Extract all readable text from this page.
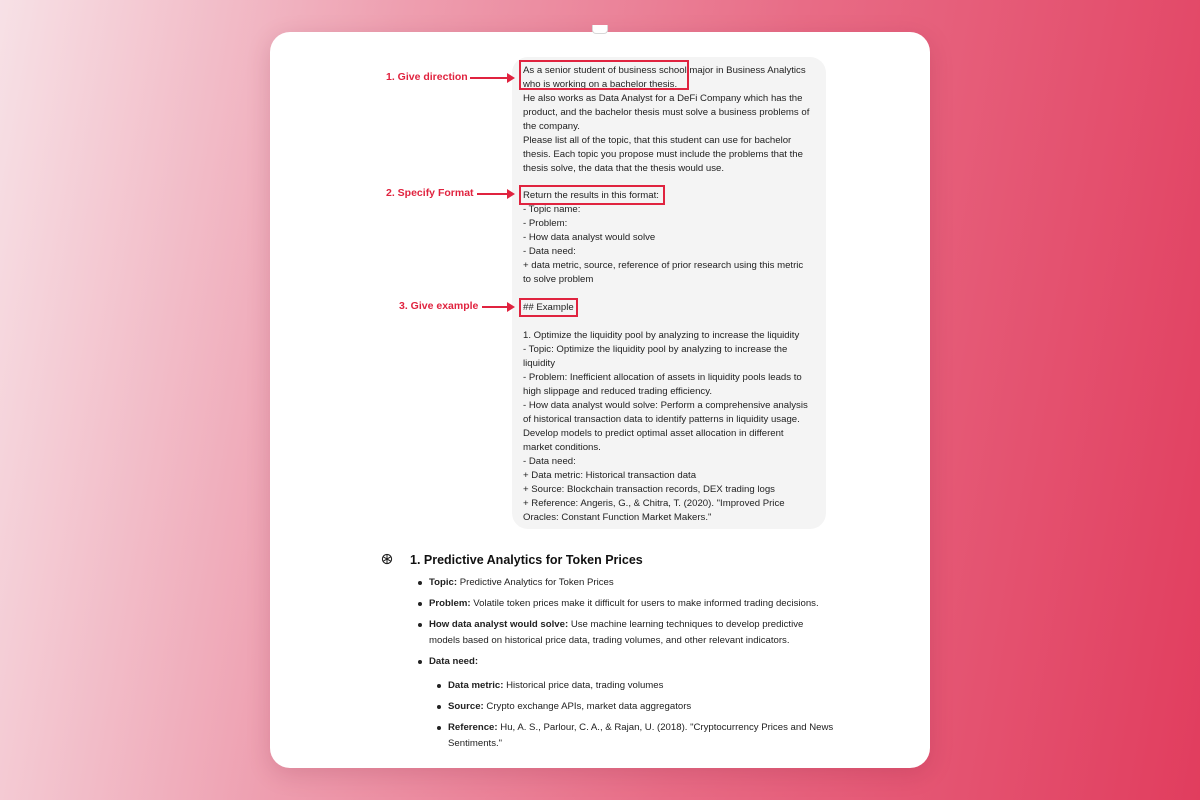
As a senior student of business school major in Business Analytics
who is working on a bachelor thesis.
He also works as Data Analyst for a DeFi Company which has the
product, and the bachelor thesis must solve a business problems of
the company.
Please list all of the topic, that this student can use for bachelor
thesis. Each topic you propose must include the problems that the
thesis solve, the data that the thesis would use.
Return the results in this format:
- Topic name:
- Problem:
- How data analyst would solve
- Data need:
+ data metric, source, reference of prior research using this metric
to solve problem
## Example
1. Optimize the liquidity pool by analyzing to increase the liquidity
- Topic: Optimize the liquidity pool by analyzing to increase the
liquidity
- Problem: Inefficient allocation of assets in liquidity pools leads to
high slippage and reduced trading efficiency.
- How data analyst would solve: Perform a comprehensive analysis
of historical transaction data to identify patterns in liquidity usage.
Develop models to predict optimal asset allocation in different
market conditions.
- Data need:
+ Data metric: Historical transaction data
+ Source: Blockchain transaction records, DEX trading logs
+ Reference: Angeris, G., & Chitra, T. (2020). "Improved Price
Oracles: Constant Function Market Makers."
1. Give direction
2. Specify Format
3. Give example
1. Predictive Analytics for Token Prices
Topic: Predictive Analytics for Token Prices
Problem: Volatile token prices make it difficult for users to make informed trading decisions.
How data analyst would solve: Use machine learning techniques to develop predictive
models based on historical price data, trading volumes, and other relevant indicators.
Data need:
Data metric: Historical price data, trading volumes
Source: Crypto exchange APIs, market data aggregators
Reference: Hu, A. S., Parlour, C. A., & Rajan, U. (2018). "Cryptocurrency Prices and News
Sentiments."
